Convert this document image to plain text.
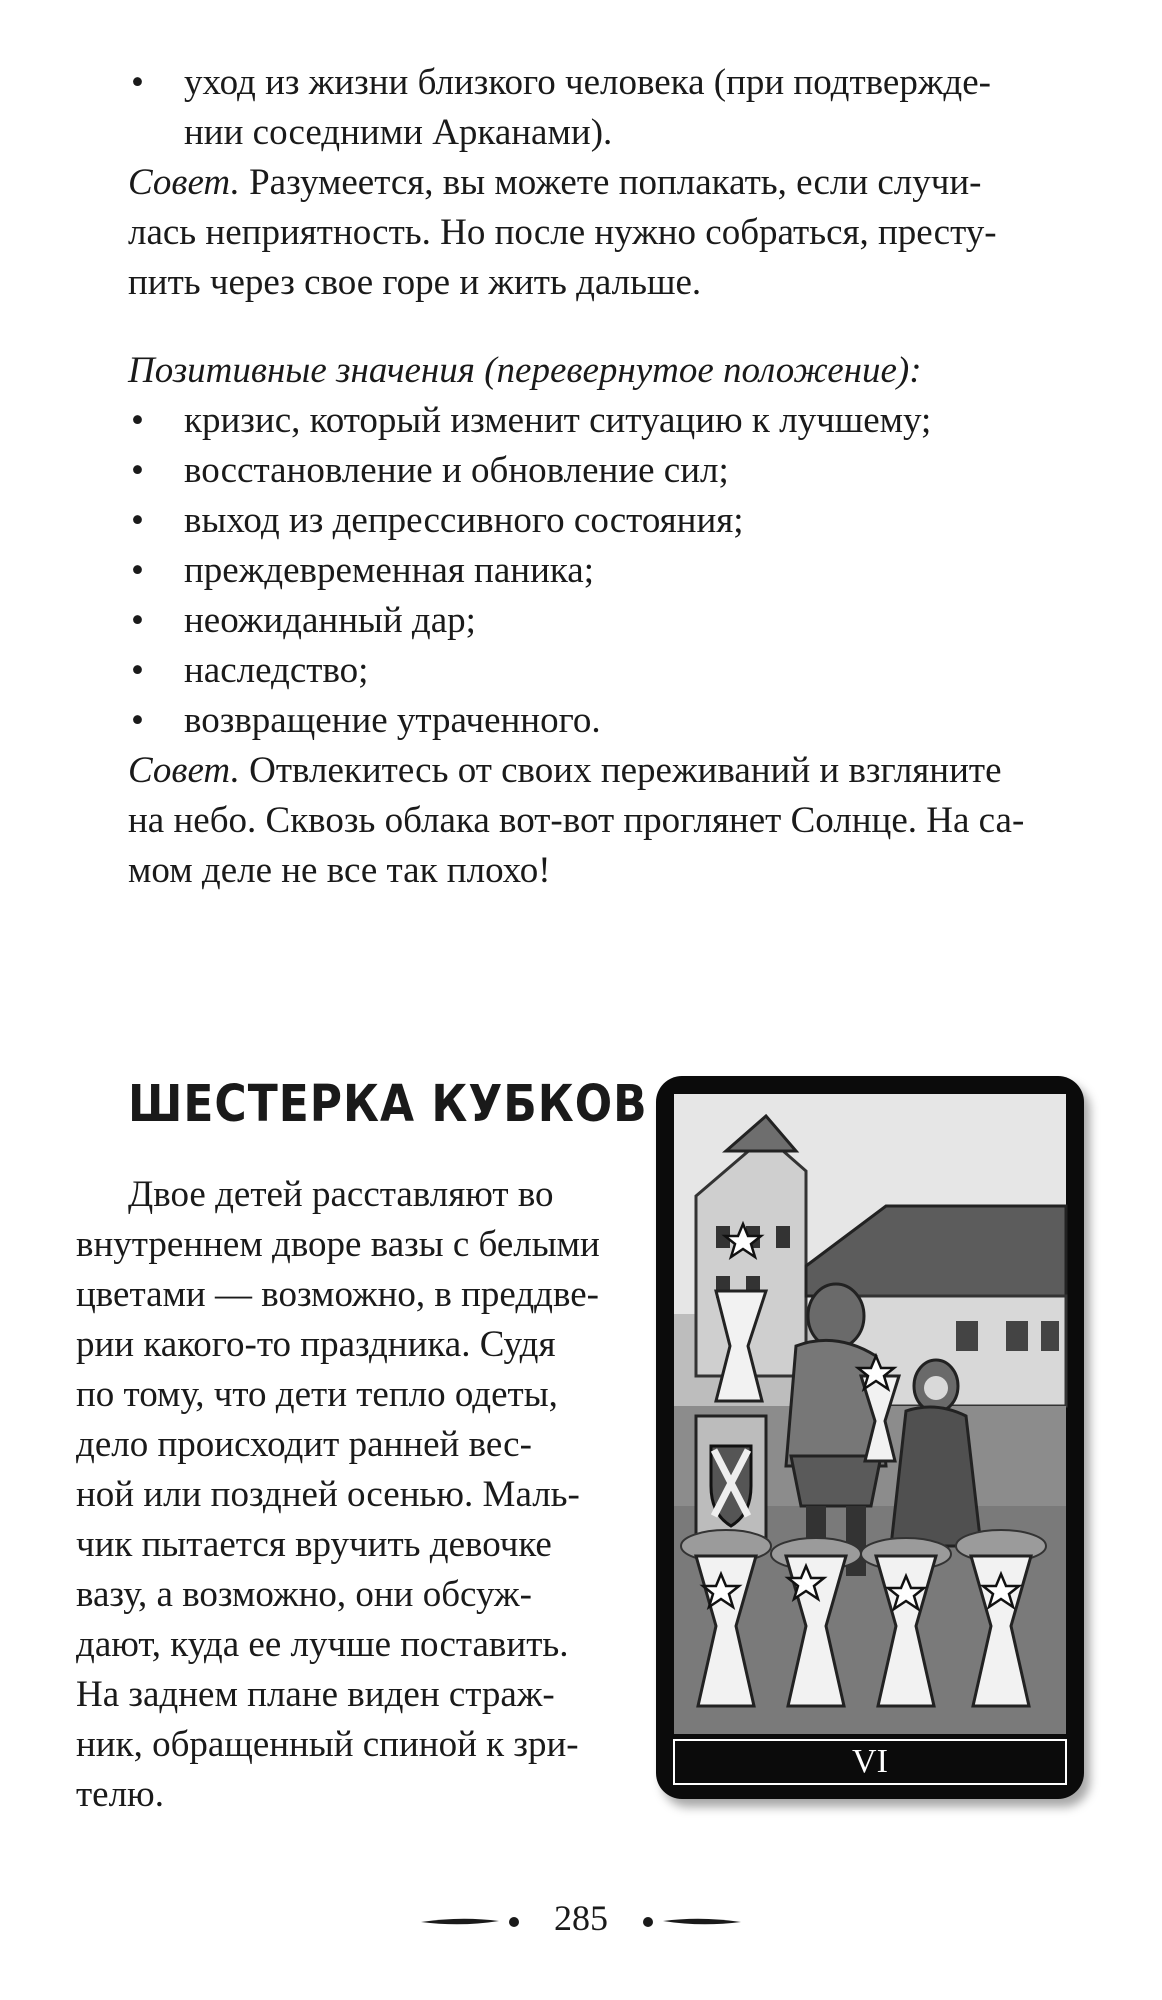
• уход из жизни близкого человека (при подтвержде-
нии соседними Арканами).
Совет. Разумеется, вы можете поплакать, если случи-
лась неприятность. Но после нужно собраться, престу-
пить через свое горе и жить дальше.
Позитивные значения (перевернутое положение):
• кризис, который изменит ситуацию к лучшему;
• восстановление и обновление сил;
• выход из депрессивного состояния;
• преждевременная паника;
• неожиданный дар;
• наследство;
• возвращение утраченного.
Совет. Отвлекитесь от своих переживаний и взгляните
на небо. Сквозь облака вот-вот проглянет Солнце. На са-
мом деле не все так плохо!
ШЕСТЕРКА КУБКОВ
Двое детей расставляют во
внутреннем дворе вазы с белыми
цветами — возможно, в преддве-
рии какого-то праздника. Судя
по тому, что дети тепло одеты,
дело происходит ранней вес-
ной или поздней осенью. Маль-
чик пытается вручить девочке
вазу, а возможно, они обсуж-
дают, куда ее лучше поставить.
На заднем плане виден страж-
ник, обращенный спиной к зри-
телю.
VI
285
